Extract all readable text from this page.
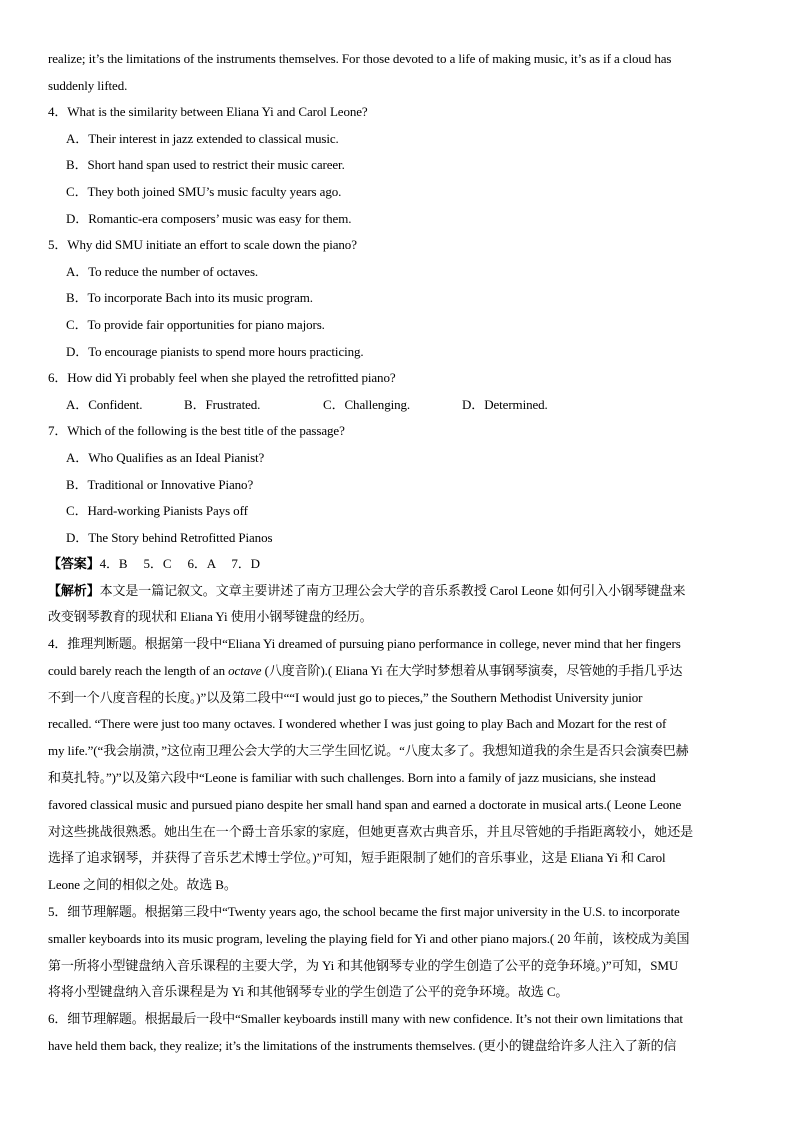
realize; it’s the limitations of the instruments themselves. For those devoted to a life of making music, it’s as if a cloud has
suddenly lifted.
4．What is the similarity between Eliana Yi and Carol Leone?
A．Their interest in jazz extended to classical music.
B．Short hand span used to restrict their music career.
C．They both joined SMU’s music faculty years ago.
D．Romantic-era composers’ music was easy for them.
5．Why did SMU initiate an effort to scale down the piano?
A．To reduce the number of octaves.
B．To incorporate Bach into its music program.
C．To provide fair opportunities for piano majors.
D．To encourage pianists to spend more hours practicing.
6．How did Yi probably feel when she played the retrofitted piano?
A．Confident.	B．Frustrated.	C．Challenging.	D．Determined.
7．Which of the following is the best title of the passage?
A．Who Qualifies as an Ideal Pianist?
B．Traditional or Innovative Piano?
C．Hard-working Pianists Pays off
D．The Story behind Retrofitted Pianos
【答案】4．B　 5．C　 6．A　 7．D
【解析】本文是一篇记叙文。文章主要讲述了南方卫理公会大学的音乐系教授 Carol Leone 如何引入小钢琴键盘来
改变钢琴教育的现状和 Eliana Yi 使用小钢琴键盘的经历。
4．推理判断题。根据第一段中“Eliana Yi dreamed of pursuing piano performance in college, never mind that her fingers
could barely reach the length of an octave (八度音阶).( Eliana Yi 在大学时梦想着从事钢琴演奏，尽管她的手指几乎达
不到一个八度音程的长度。)”以及第二段中““I would just go to pieces,” the Southern Methodist University junior
recalled. “There were just too many octaves. I wondered whether I was just going to play Bach and Mozart for the rest of
my life.”(“我会崩溃，”这位南卫理公会大学的大三学生回忆说。“八度太多了。我想知道我的余生是否只会演奏巴赫
和莫扎特。”)”以及第六段中“Leone is familiar with such challenges. Born into a family of jazz musicians, she instead
favored classical music and pursued piano despite her small hand span and earned a doctorate in musical arts.( Leone Leone
对这些挑战很熟悉。她出生在一个爵士音乐家的家庭，但她更喜欢古典音乐，并且尽管她的手指距离较小，她还是
选择了追求钢琴，并获得了音乐艺术博士学位。)”可知，短手距限制了她们的音乐事业，这是 Eliana Yi 和 Carol
Leone 之间的相似之处。故选 B。
5．细节理解题。根据第三段中“Twenty years ago, the school became the first major university in the U.S. to incorporate
smaller keyboards into its music program, leveling the playing field for Yi and other piano majors.( 20 年前，该校成为美国
第一所将小型键盘纳入音乐课程的主要大学，为 Yi 和其他钢琴专业的学生创造了公平的竞争环境。)”可知，SMU
将将小型键盘纳入音乐课程是为 Yi 和其他钢琴专业的学生创造了公平的竞争环境。故选 C。
6．细节理解题。根据最后一段中“Smaller keyboards instill many with new confidence. It’s not their own limitations that
have held them back, they realize; it’s the limitations of the instruments themselves. (更小的键盘给许多人注入了新的信
